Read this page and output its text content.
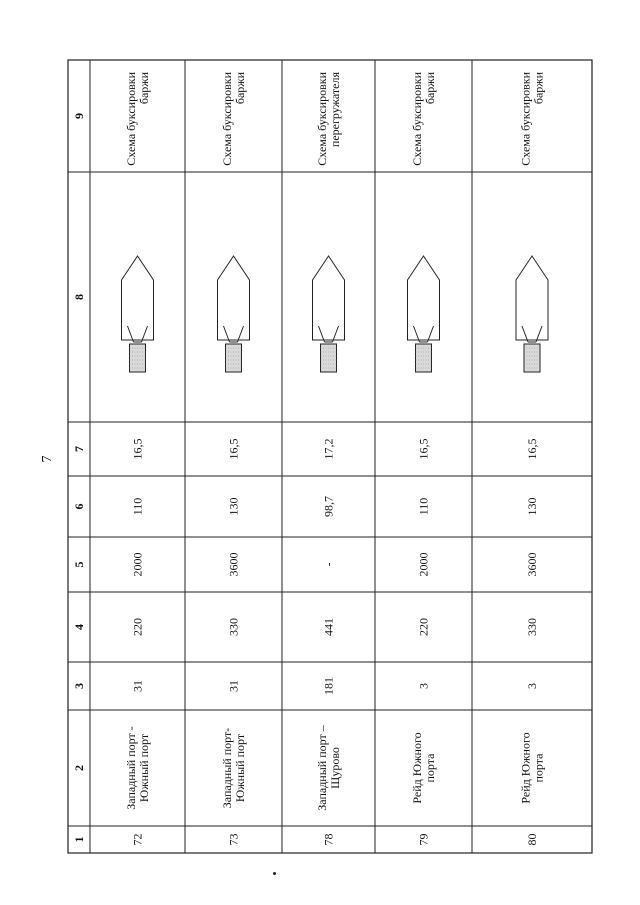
7
1
2
3
4
5
6
7
8
9
72
Западный порт - Южный порт
31
220
2000
110
16,5
Схема буксировки баржи
73
Западный порт- Южный порт
31
330
3600
130
16,5
Схема буксировки баржи
78
Западный порт – Щурово
181
441
-
98,7
17,2
Схема буксировки перегружателя
79
Рейд Южного порта
3
220
2000
110
16,5
Схема буксировки баржи
80
Рейд Южного порта
3
330
3600
130
16,5
Схема буксировки баржи
